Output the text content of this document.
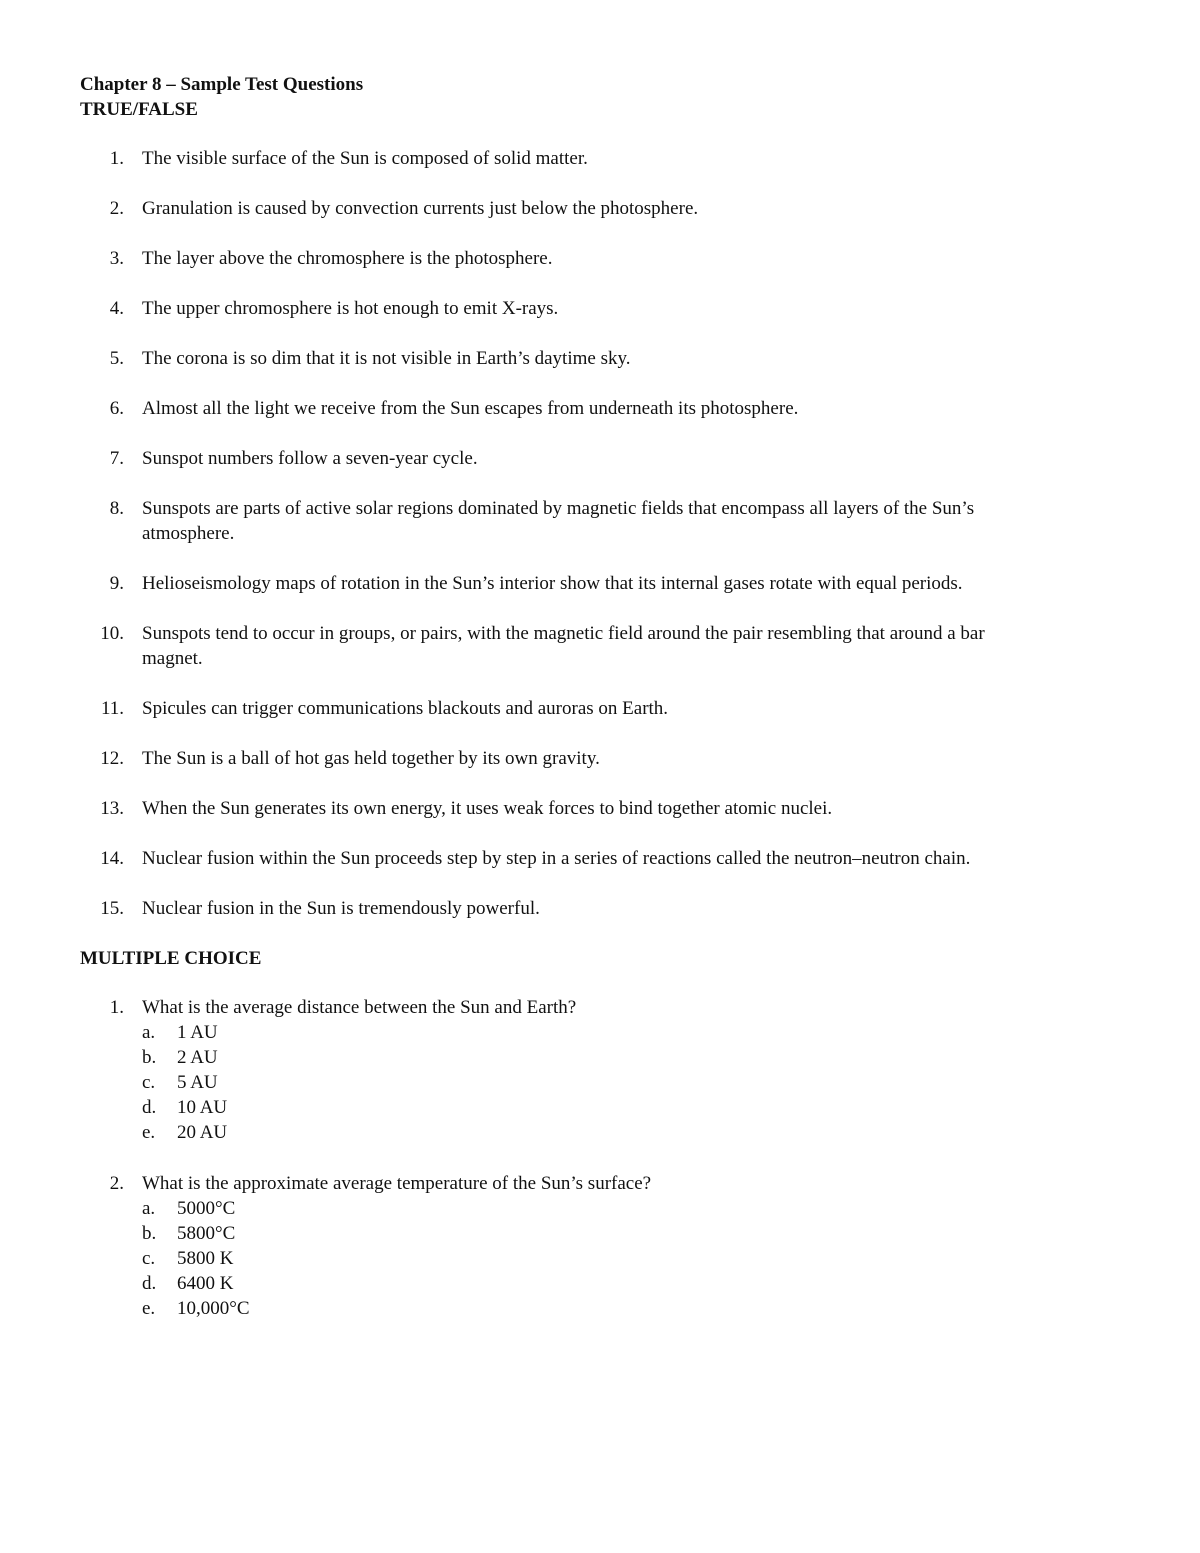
Chapter 8 – Sample Test Questions
TRUE/FALSE
1. The visible surface of the Sun is composed of solid matter.
2. Granulation is caused by convection currents just below the photosphere.
3. The layer above the chromosphere is the photosphere.
4. The upper chromosphere is hot enough to emit X-rays.
5. The corona is so dim that it is not visible in Earth’s daytime sky.
6. Almost all the light we receive from the Sun escapes from underneath its photosphere.
7. Sunspot numbers follow a seven-year cycle.
8. Sunspots are parts of active solar regions dominated by magnetic fields that encompass all layers of the Sun’s atmosphere.
9. Helioseismology maps of rotation in the Sun’s interior show that its internal gases rotate with equal periods.
10. Sunspots tend to occur in groups, or pairs, with the magnetic field around the pair resembling that around a bar magnet.
11. Spicules can trigger communications blackouts and auroras on Earth.
12. The Sun is a ball of hot gas held together by its own gravity.
13. When the Sun generates its own energy, it uses weak forces to bind together atomic nuclei.
14. Nuclear fusion within the Sun proceeds step by step in a series of reactions called the neutron–neutron chain.
15. Nuclear fusion in the Sun is tremendously powerful.
MULTIPLE CHOICE
1. What is the average distance between the Sun and Earth?
a. 1 AU
b. 2 AU
c. 5 AU
d. 10 AU
e. 20 AU
2. What is the approximate average temperature of the Sun’s surface?
a. 5000°C
b. 5800°C
c. 5800 K
d. 6400 K
e. 10,000°C
